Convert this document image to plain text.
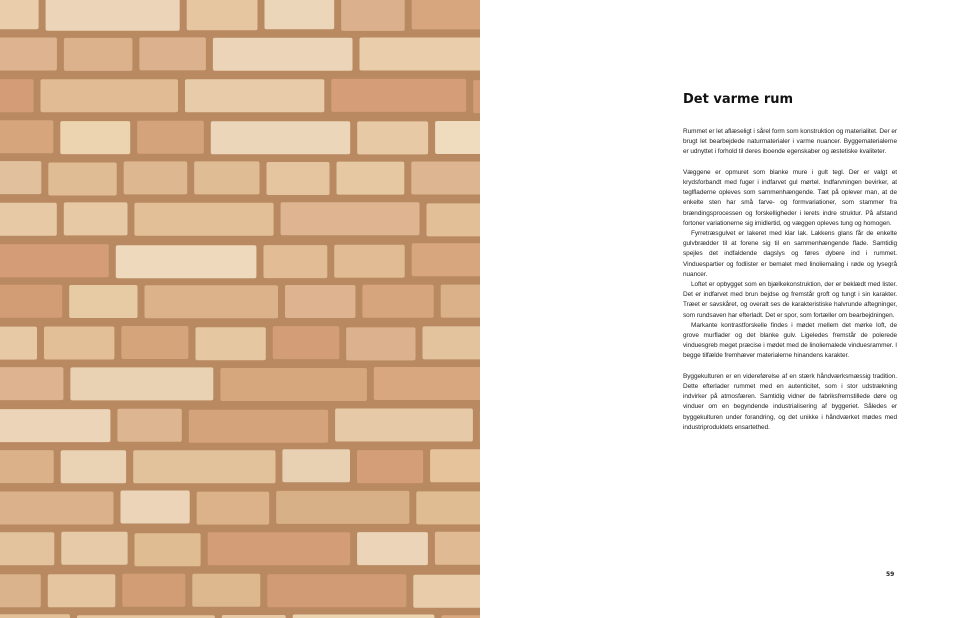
Det varme rum

Rummet er let aflæseligt i sårel form som konstruktion og materialitet. Der er brugt let bearbejdede naturmaterialer i varme nuancer. Byggematerialerne er udnyttet i forhold til deres iboende egenskaber og æstetiske kvaliteter.

Væggene er opmuret som blanke mure i gult tegl. Der er valgt et krydsforbandt med fuger i indfarvet gul mørtel. Indfarvningen bevirker, at teglfladerne opleves som sammenhængende. Tæt på oplever man, at de enkelte sten har små farve- og formvariationer, som stammer fra brændingsprocessen og forskelligheder i lerets indre struktur. På afstand fortoner variationerne sig imidlertid, og væggen opleves tung og homogen.

Fyrretræsgulvet er lakeret med klar lak. Lakkens glans får de enkelte gulvbrædder til at forene sig til en sammenhængende flade. Samtidig spejles det indfaldende dagslys og føres dybere ind i rummet. Vinduespartier og fodlister er bemalet med linoliemaling i røde og lysegrå nuancer.

Loftet er opbygget som en bjælkekonstruktion, der er beklædt med lister. Det er indfarvet med brun bejdse og fremstår groft og tungt i sin karakter. Træet er savskåret, og overalt ses de karakteristiske halvrunde aftegninger, som rundsaven har efterladt. Det er spor, som fortæller om bearbejdningen.

Markante kontrastforskelle findes i mødet mellem det mørke loft, de grove murflader og det blanke gulv. Ligeledes fremstår de polerede vinduesgreb meget præcise i mødet med de linoliemalede vinduesrammer. I begge tilfælde fremhæver materialerne hinandens karakter.

Byggekulturen er en videreførelse af en stærk håndværksmæssig tradition. Dette efterlader rummet med en autenticitet, som i stor udstrækning indvirker på atmosfæren. Samtidig vidner de fabriksfremstillede døre og vinduer om en begyndende industrialisering af byggeriet. Således er byggekulturen under forandring, og det unikke i håndværket mødes med industriproduktets ensartethed.

59
